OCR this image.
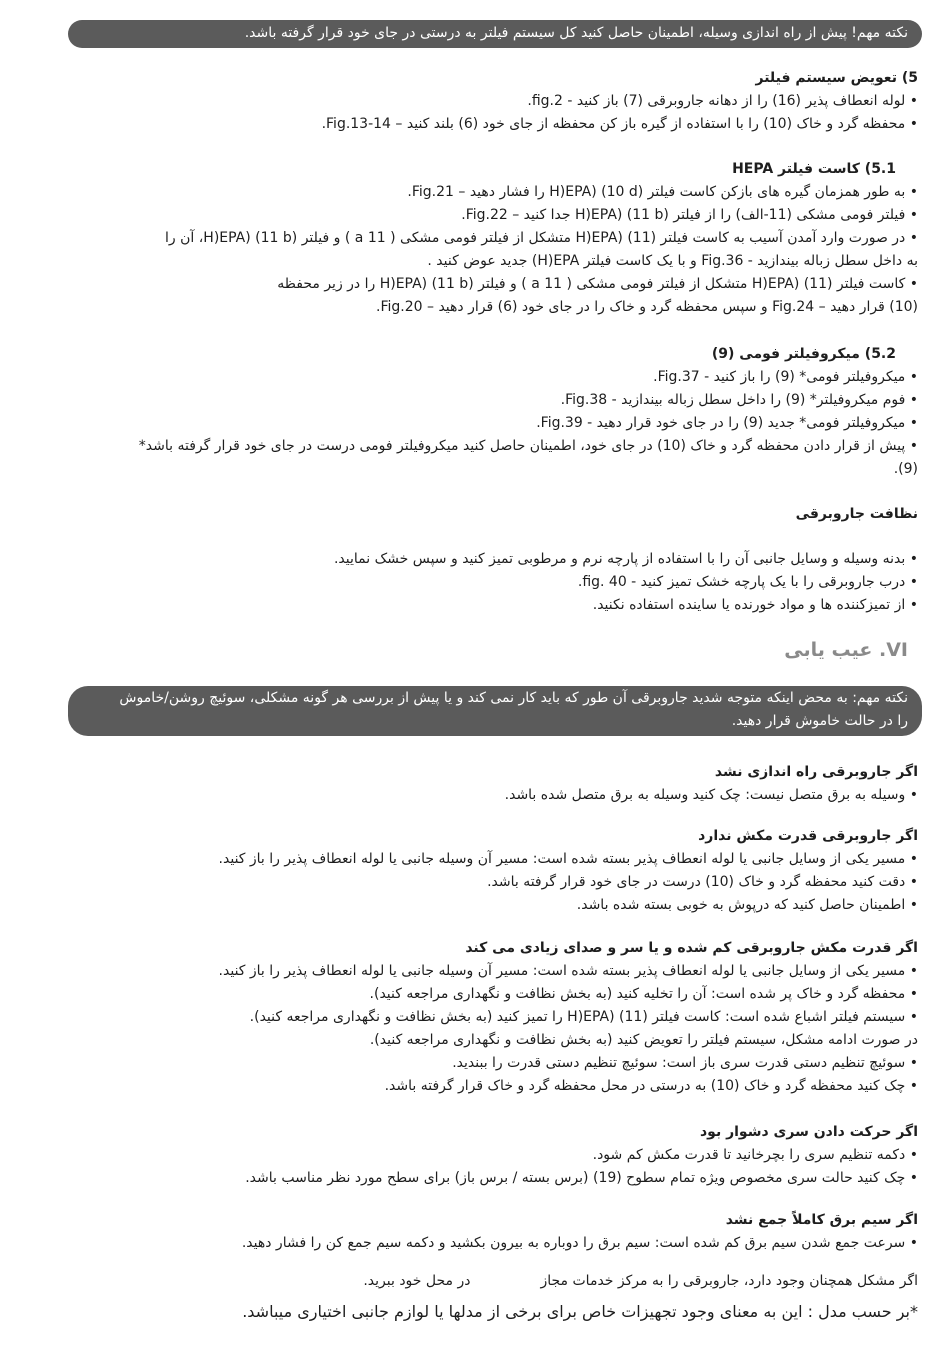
نکته مهم! پیش از راه اندازی وسیله، اطمینان حاصل کنید کل سیستم فیلتر به درستی در جای خود قرار گرفته باشد.
5) تعویض سیستم فیلتر
• لوله انعطاف پذیر (16) را از دهانه جاروبرقی (7) باز کنید - fig.2.
• محفظه گرد و خاک (10) را با استفاده از گیره باز کن محفظه از جای خود (6) بلند کنید – Fig.13-14.
5.1) کاست فیلتر HEPA
• به طور همزمان گیره های بازکن کاست فیلتر H)EPA) (10 d) را فشار دهید – Fig.21.
• فیلتر فومی مشکی (11-الف) را از فیلتر H)EPA) (11 b) جدا کنید – Fig.22.
• در صورت وارد آمدن آسیب به کاست فیلتر H)EPA) (11) متشکل از فیلتر فومی مشکی ( 11 a ) و فیلتر H)EPA) (11 b)، آن را
به داخل سطل زباله بیندازید - Fig.36 و با یک کاست فیلتر H)EPA) جدید عوض کنید .
• کاست فیلتر H)EPA) (11) متشکل از فیلتر فومی مشکی ( 11 a ) و فیلتر H)EPA) (11 b) را در زیر محفظه
(10) قرار دهید – Fig.24 و سپس محفظه گرد و خاک را در جای خود (6) قرار دهید – Fig.20.
5.2) میکروفیلتر فومی (9)
• میکروفیلتر فومی* (9) را باز کنید - Fig.37.
• فوم میکروفیلتر* (9) را داخل سطل زباله بیندازید - Fig.38.
• میکروفیلتر فومی* جدید (9) را در جای خود قرار دهید - Fig.39.
• پیش از قرار دادن محفظه گرد و خاک (10) در جای خود، اطمینان حاصل کنید میکروفیلتر فومی درست در جای خود قرار گرفته باشد*
(9).
نظافت جاروبرقی
• بدنه وسیله و وسایل جانبی آن را با استفاده از پارچه نرم و مرطوبی تمیز کنید و سپس خشک نمایید.
• درب جاروبرقی را با یک پارچه خشک تمیز کنید - fig. 40.
• از تمیزکننده ها و مواد خورنده یا ساینده استفاده نکنید.
VI. عیب یابی
نکته مهم: به محض اینکه متوجه شدید جاروبرقی آن طور که باید کار نمی کند و یا پیش از بررسی هر گونه مشکلی، سوئیچ روشن/خاموش
را در حالت خاموش قرار دهید.
اگر جاروبرقی راه اندازی نشد
• وسیله به برق متصل نیست: چک کنید وسیله به برق متصل شده باشد.
اگر جاروبرقی قدرت مکش ندارد
• مسیر یکی از وسایل جانبی یا لوله انعطاف پذیر بسته شده است: مسیر آن وسیله جانبی یا لوله انعطاف پذیر را باز کنید.
• دقت کنید محفظه گرد و خاک (10) درست در جای خود قرار گرفته باشد.
• اطمینان حاصل کنید که درپوش به خوبی بسته شده باشد.
اگر قدرت مکش جاروبرقی کم شده و یا سر و صدای زیادی می کند
• مسیر یکی از وسایل جانبی یا لوله انعطاف پذیر بسته شده است: مسیر آن وسیله جانبی یا لوله انعطاف پذیر را باز کنید.
• محفظه گرد و خاک پر شده است: آن را تخلیه کنید (به بخش نظافت و نگهداری مراجعه کنید).
• سیستم فیلتر اشباع شده است: کاست فیلتر H)EPA) (11) را تمیز کنید (به بخش نظافت و نگهداری مراجعه کنید).
در صورت ادامه مشکل، سیستم فیلتر را تعویض کنید (به بخش نظافت و نگهداری مراجعه کنید).
• سوئیچ تنظیم دستی قدرت سری باز است: سوئیچ تنظیم دستی قدرت را ببندید.
• چک کنید محفظه گرد و خاک (10) به درستی در محل محفظه گرد و خاک قرار گرفته باشد.
اگر حرکت دادن سری دشوار بود
• دکمه تنظیم سری را بچرخانید تا قدرت مکش کم شود.
• چک کنید حالت سری مخصوص ویژه تمام سطوح (19) (برس بسته / برس باز) برای سطح مورد نظر مناسب باشد.
اگر سیم برق کاملاً جمع نشد
• سرعت جمع شدن سیم برق کم شده است: سیم برق را دوباره به بیرون بکشید و دکمه سیم جمع کن را فشار دهید.
اگر مشکل همچنان وجود دارد، جاروبرقی را به مرکز خدمات مجازدر محل خود ببرید.
*بر حسب مدل : این به معنای وجود تجهیزات خاص برای برخی از مدلها یا لوازم جانبی اختیاری میباشد.
